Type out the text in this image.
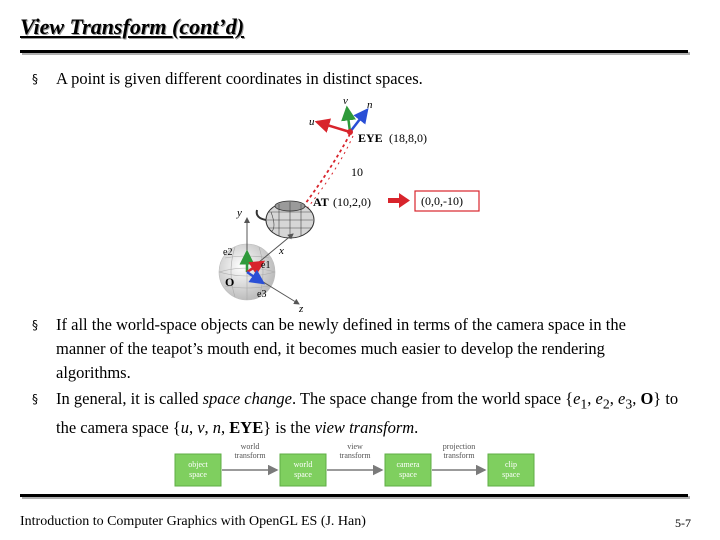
View Transform (cont’d)
§ A point is given different coordinates in distinct spaces.
v
u
n
EYE (18,8,0)
10
AT (10,2,0)	(0,0,-10)
y
x
z
e2
e1
e3
O
§ If all the world-space objects can be newly defined in terms of the camera space in the manner of the teapot’s mouth end, it becomes much easier to develop the rendering algorithms.
§ In general, it is called space change. The space change from the world space {$e_1$, $e_2$, $e_3$, O} to the camera space {u, v, n, EYE} is the view transform.
object
space
world
space
camera
space
clip
space
world
transform
view
transform
projection
transform
Introduction to Computer Graphics with OpenGL ES (J. Han)	5-7
